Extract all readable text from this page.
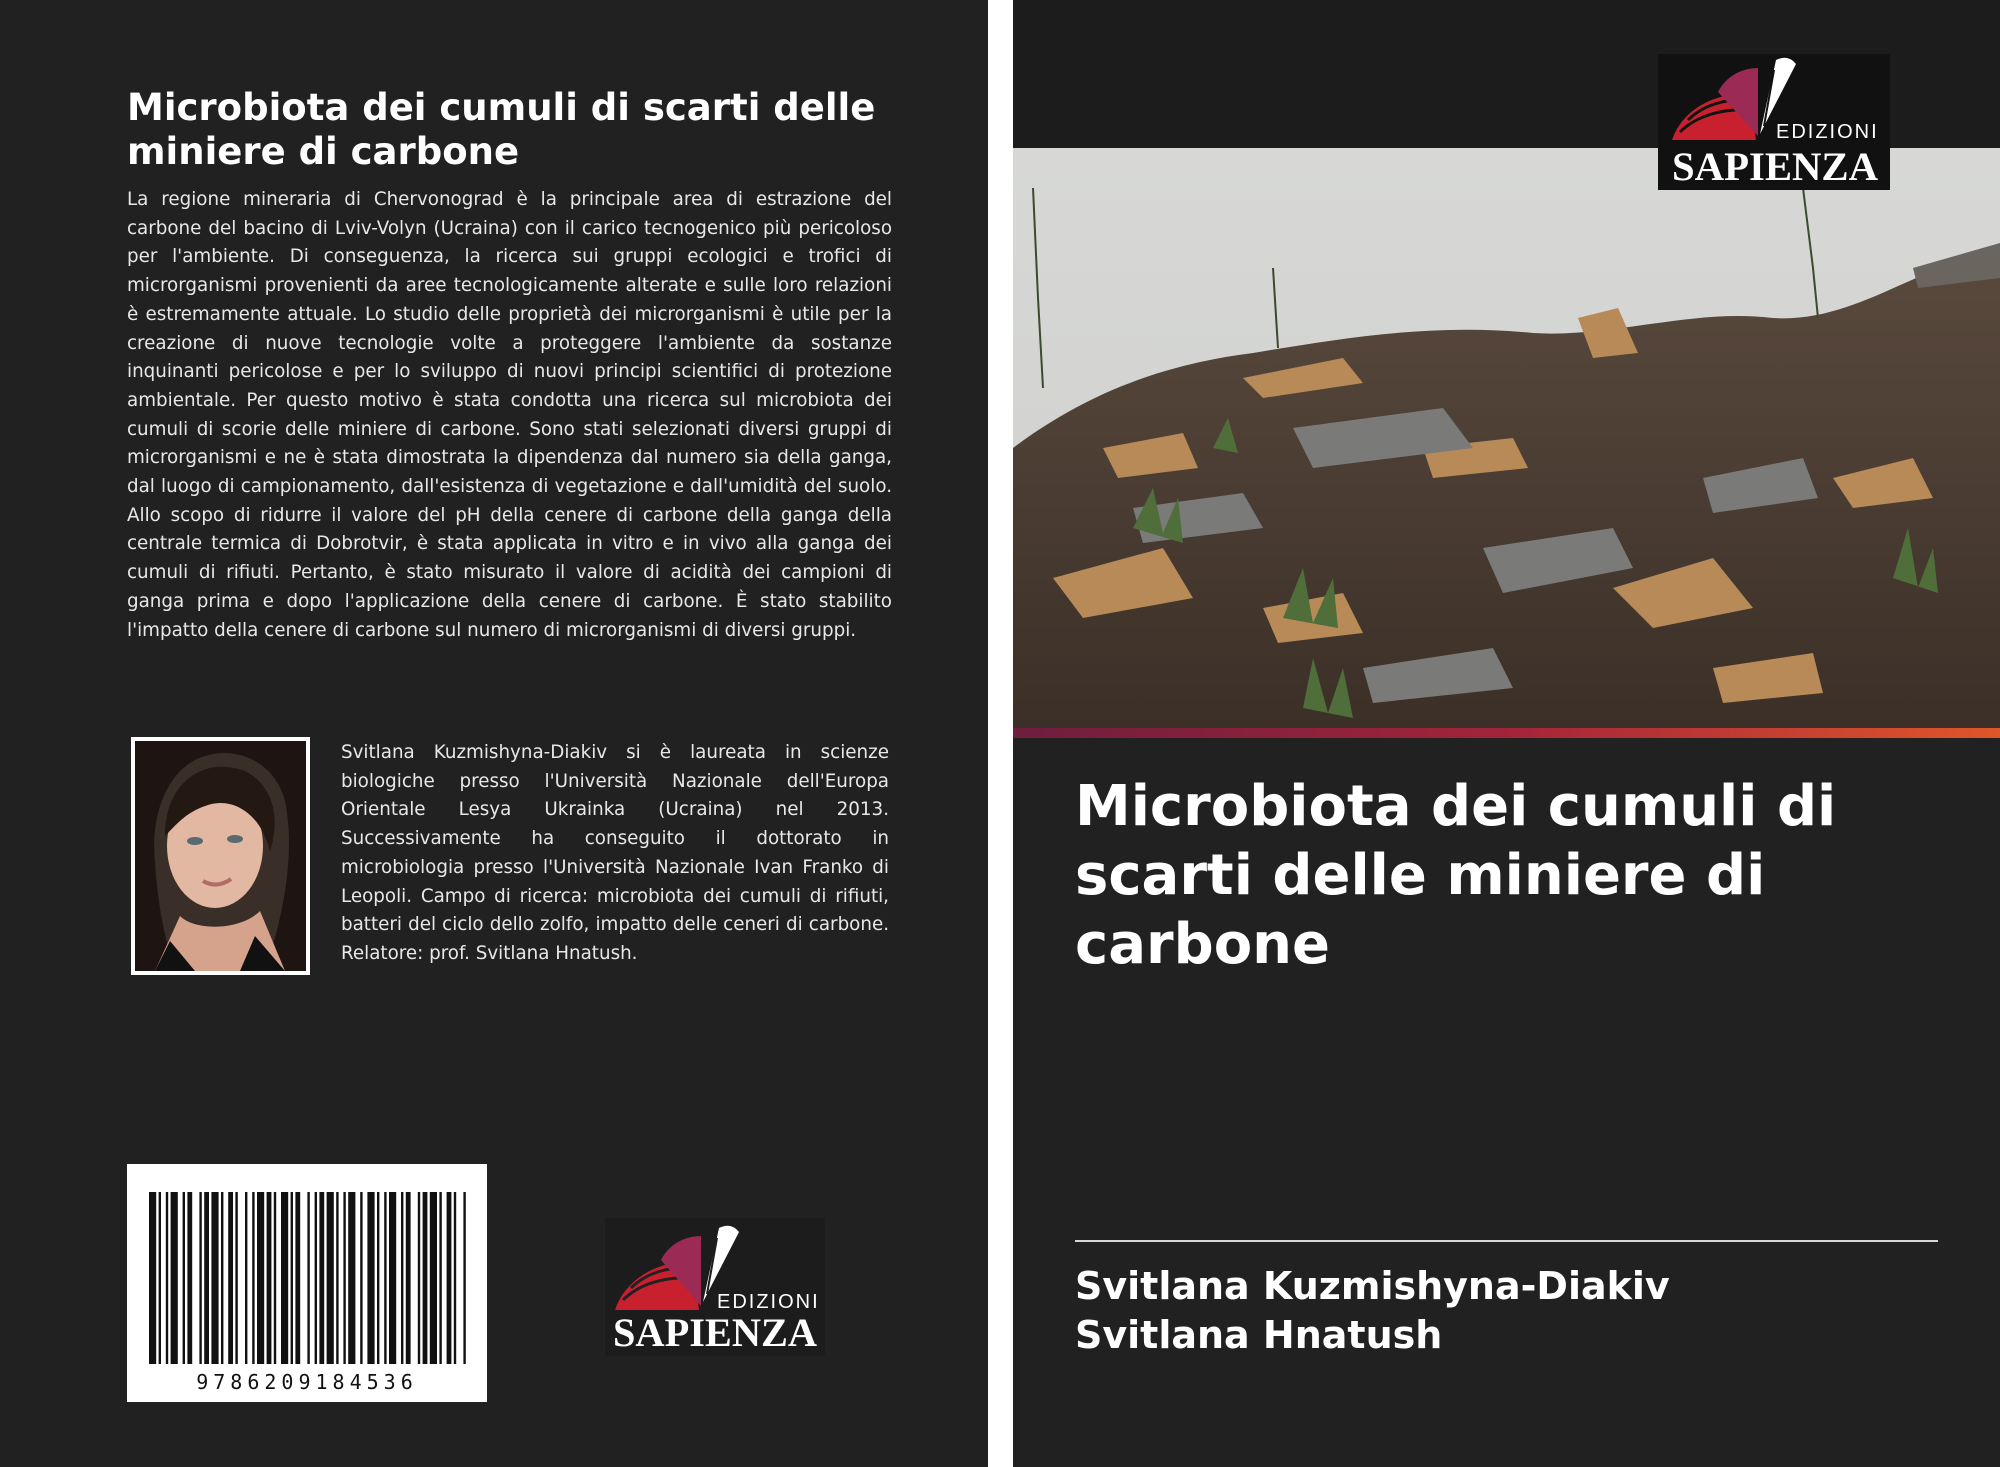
Microbiota dei cumuli di scarti delle miniere di carbone

La regione mineraria di Chervonograd è la principale area di estrazione del carbone del bacino di Lviv-Volyn (Ucraina) con il carico tecnogenico più pericoloso per l'ambiente. Di conseguenza, la ricerca sui gruppi ecologici e trofici di microrganismi provenienti da aree tecnologicamente alterate e sulle loro relazioni è estremamente attuale. Lo studio delle proprietà dei microrganismi è utile per la creazione di nuove tecnologie volte a proteggere l'ambiente da sostanze inquinanti pericolose e per lo sviluppo di nuovi principi scientifici di protezione ambientale. Per questo motivo è stata condotta una ricerca sul microbiota dei cumuli di scorie delle miniere di carbone. Sono stati selezionati diversi gruppi di microrganismi e ne è stata dimostrata la dipendenza dal numero sia della ganga, dal luogo di campionamento, dall'esistenza di vegetazione e dall'umidità del suolo. Allo scopo di ridurre il valore del pH della cenere di carbone della ganga della centrale termica di Dobrotvir, è stata applicata in vitro e in vivo alla ganga dei cumuli di rifiuti. Pertanto, è stato misurato il valore di acidità dei campioni di ganga prima e dopo l'applicazione della cenere di carbone. È stato stabilito l'impatto della cenere di carbone sul numero di microrganismi di diversi gruppi.

Svitlana Kuzmishyna-Diakiv si è laureata in scienze biologiche presso l'Università Nazionale dell'Europa Orientale Lesya Ukrainka (Ucraina) nel 2013. Successivamente ha conseguito il dottorato in microbiologia presso l'Università Nazionale Ivan Franko di Leopoli. Campo di ricerca: microbiota dei cumuli di rifiuti, batteri del ciclo dello zolfo, impatto delle ceneri di carbone. Relatore: prof. Svitlana Hnatush.

9786209184536
EDIZIONI
SAPIENZA
EDIZIONI
SAPIENZA
Microbiota dei cumuli di scarti delle miniere di carbone

Svitlana Kuzmishyna-Diakiv

Svitlana Hnatush
